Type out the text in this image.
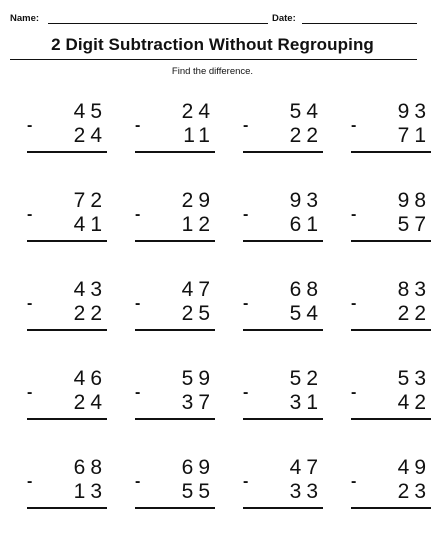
Name:	Date:
2 Digit Subtraction Without Regrouping
Find the difference.
45
- 24
24
- 11
54
- 22
93
- 71
72
- 41
29
- 12
93
- 61
98
- 57
43
- 22
47
- 25
68
- 54
83
- 22
46
- 24
59
- 37
52
- 31
53
- 42
68
- 13
69
- 55
47
- 33
49
- 23
